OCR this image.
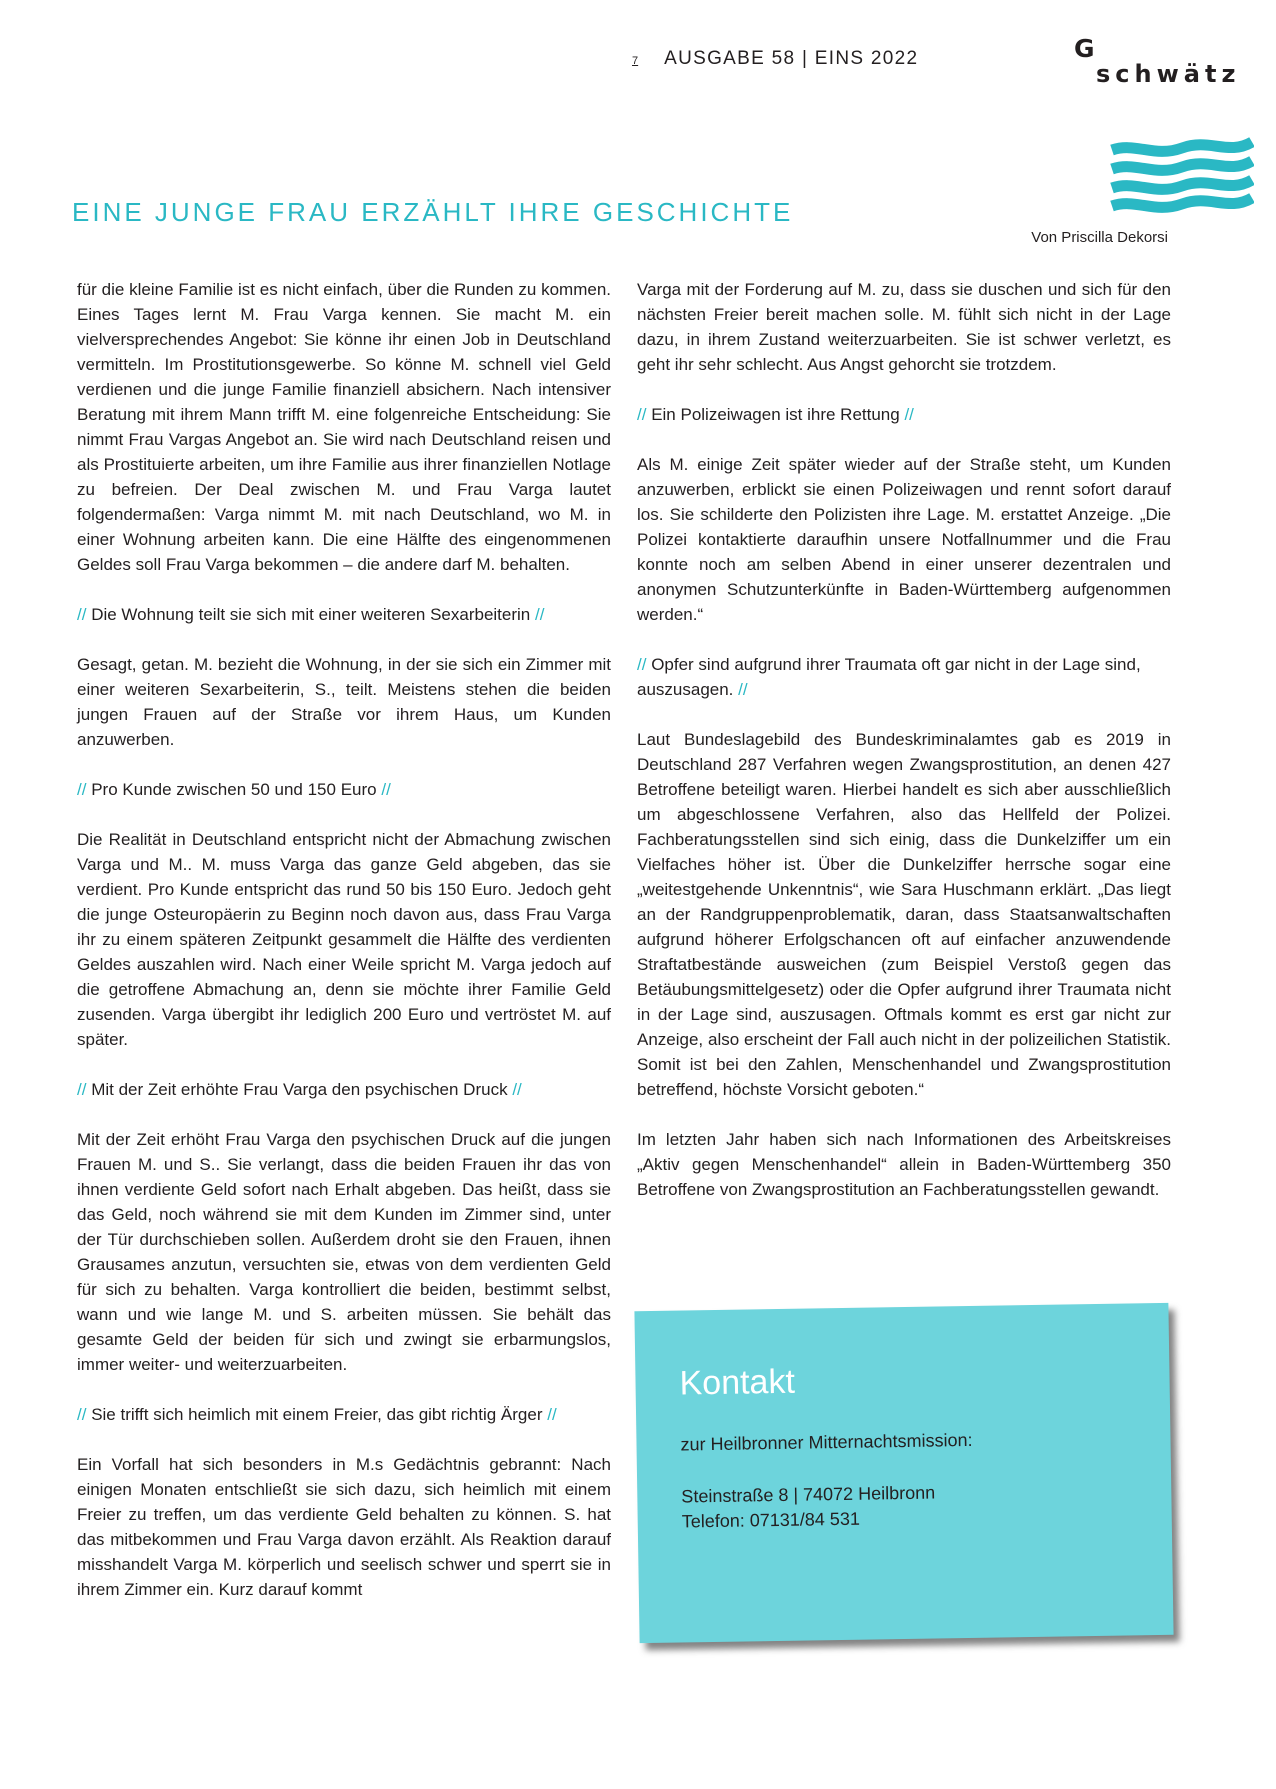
7 AUSGABE 58 | EINS 2022	G
schwätz
EINE JUNGE FRAU ERZÄHLT IHRE GESCHICHTE
Von Priscilla Dekorsi

für die kleine Familie ist es nicht einfach, über die Runden zu kommen. Eines Tages lernt M. Frau Varga kennen. Sie macht M. ein vielversprechendes Angebot: Sie könne ihr einen Job in Deutschland vermitteln. Im Prostitutionsgewerbe. So könne M. schnell viel Geld verdienen und die junge Familie finanziell absichern. Nach intensiver Beratung mit ihrem Mann trifft M. eine folgenreiche Entscheidung: Sie nimmt Frau Vargas Angebot an. Sie wird nach Deutschland reisen und als Prostituierte arbeiten, um ihre Familie aus ihrer finanziellen Notlage zu befreien. Der Deal zwischen M. und Frau Varga lautet folgendermaßen: Varga nimmt M. mit nach Deutschland, wo M. in einer Wohnung arbeiten kann. Die eine Hälfte des eingenommenen Geldes soll Frau Varga bekommen – die andere darf M. behalten.

// Die Wohnung teilt sie sich mit einer weiteren Sexarbeiterin //

Gesagt, getan. M. bezieht die Wohnung, in der sie sich ein Zimmer mit einer weiteren Sexarbeiterin, S., teilt. Meistens stehen die beiden jungen Frauen auf der Straße vor ihrem Haus, um Kunden anzuwerben.

// Pro Kunde zwischen 50 und 150 Euro //

Die Realität in Deutschland entspricht nicht der Abmachung zwischen Varga und M.. M. muss Varga das ganze Geld abgeben, das sie verdient. Pro Kunde entspricht das rund 50 bis 150 Euro. Jedoch geht die junge Osteuropäerin zu Beginn noch davon aus, dass Frau Varga ihr zu einem späteren Zeitpunkt gesammelt die Hälfte des verdienten Geldes auszahlen wird. Nach einer Weile spricht M. Varga jedoch auf die getroffene Abmachung an, denn sie möchte ihrer Familie Geld zusenden. Varga übergibt ihr lediglich 200 Euro und vertröstet M. auf später.

// Mit der Zeit erhöhte Frau Varga den psychischen Druck //

Mit der Zeit erhöht Frau Varga den psychischen Druck auf die jungen Frauen M. und S.. Sie verlangt, dass die beiden Frauen ihr das von ihnen verdiente Geld sofort nach Erhalt abgeben. Das heißt, dass sie das Geld, noch während sie mit dem Kunden im Zimmer sind, unter der Tür durchschieben sollen. Außerdem droht sie den Frauen, ihnen Grausames anzutun, versuchten sie, etwas von dem verdienten Geld für sich zu behalten. Varga kontrolliert die beiden, bestimmt selbst, wann und wie lange M. und S. arbeiten müssen. Sie behält das gesamte Geld der beiden für sich und zwingt sie erbarmungslos, immer weiter- und weiterzuarbeiten.

// Sie trifft sich heimlich mit einem Freier, das gibt richtig Ärger //

Ein Vorfall hat sich besonders in M.s Gedächtnis gebrannt: Nach einigen Monaten entschließt sie sich dazu, sich heimlich mit einem Freier zu treffen, um das verdiente Geld behalten zu können. S. hat das mitbekommen und Frau Varga davon erzählt. Als Reaktion darauf misshandelt Varga M. körperlich und seelisch schwer und sperrt sie in ihrem Zimmer ein. Kurz darauf kommt

Varga mit der Forderung auf M. zu, dass sie duschen und sich für den nächsten Freier bereit machen solle. M. fühlt sich nicht in der Lage dazu, in ihrem Zustand weiterzuarbeiten. Sie ist schwer verletzt, es geht ihr sehr schlecht. Aus Angst gehorcht sie trotzdem.

// Ein Polizeiwagen ist ihre Rettung //

Als M. einige Zeit später wieder auf der Straße steht, um Kunden anzuwerben, erblickt sie einen Polizeiwagen und rennt sofort darauf los. Sie schilderte den Polizisten ihre Lage. M. erstattet Anzeige. „Die Polizei kontaktierte daraufhin unsere Notfallnummer und die Frau konnte noch am selben Abend in einer unserer dezentralen und anonymen Schutzunterkünfte in Baden-Württemberg aufgenommen werden.“

// Opfer sind aufgrund ihrer Traumata oft gar nicht in der Lage sind, auszusagen. //

Laut Bundeslagebild des Bundeskriminalamtes gab es 2019 in Deutschland 287 Verfahren wegen Zwangsprostitution, an denen 427 Betroffene beteiligt waren. Hierbei handelt es sich aber ausschließlich um abgeschlossene Verfahren, also das Hellfeld der Polizei. Fachberatungsstellen sind sich einig, dass die Dunkelziffer um ein Vielfaches höher ist. Über die Dunkelziffer herrsche sogar eine „weitestgehende Unkenntnis“, wie Sara Huschmann erklärt. „Das liegt an der Randgruppenproblematik, daran, dass Staatsanwaltschaften aufgrund höherer Erfolgschancen oft auf einfacher anzuwendende Straftatbestände ausweichen (zum Beispiel Verstoß gegen das Betäubungsmittelgesetz) oder die Opfer aufgrund ihrer Traumata nicht in der Lage sind, auszusagen. Oftmals kommt es erst gar nicht zur Anzeige, also erscheint der Fall auch nicht in der polizeilichen Statistik. Somit ist bei den Zahlen, Menschenhandel und Zwangsprostitution betreffend, höchste Vorsicht geboten.“

Im letzten Jahr haben sich nach Informationen des Arbeitskreises „Aktiv gegen Menschenhandel“ allein in Baden-Württemberg 350 Betroffene von Zwangsprostitution an Fachberatungsstellen gewandt.

Kontakt
zur Heilbronner Mitternachtsmission:
Steinstraße 8 | 74072 Heilbronn
Telefon: 07131/84 531
